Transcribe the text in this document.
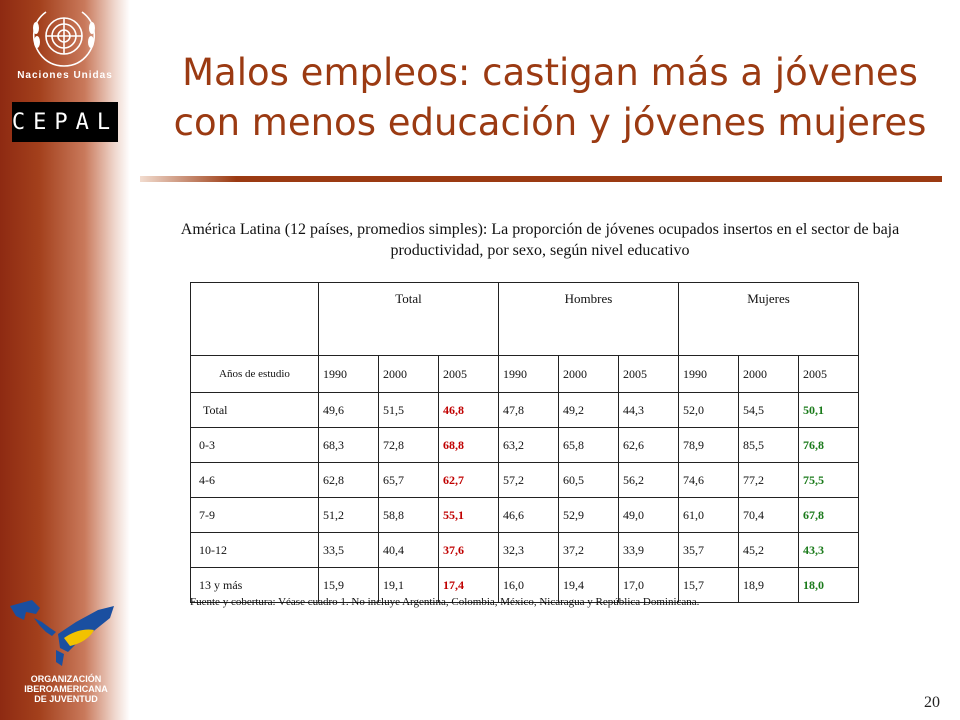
Naciones Unidas
CEPAL
ORGANIZACIÓN
IBEROAMERICANA
DE JUVENTUD
Malos empleos: castigan más a jóvenes
con menos educación y jóvenes mujeres
América Latina (12 países, promedios simples): La proporción de jóvenes ocupados insertos en el sector de baja
productividad, por sexo, según nivel educativo
	Total			Hombres			Mujeres		
Años de estudio	1990	2000	2005	1990	2000	2005	1990	2000	2005
Total	49,6	51,5	46,8	47,8	49,2	44,3	52,0	54,5	50,1
0-3	68,3	72,8	68,8	63,2	65,8	62,6	78,9	85,5	76,8
4-6	62,8	65,7	62,7	57,2	60,5	56,2	74,6	77,2	75,5
7-9	51,2	58,8	55,1	46,6	52,9	49,0	61,0	70,4	67,8
10-12	33,5	40,4	37,6	32,3	37,2	33,9	35,7	45,2	43,3
13 y más	15,9	19,1	17,4	16,0	19,4	17,0	15,7	18,9	18,0
Fuente y cobertura: Véase cuadro 1. No incluye Argentina, Colombia, México, Nicaragua y República Dominicana.
20
